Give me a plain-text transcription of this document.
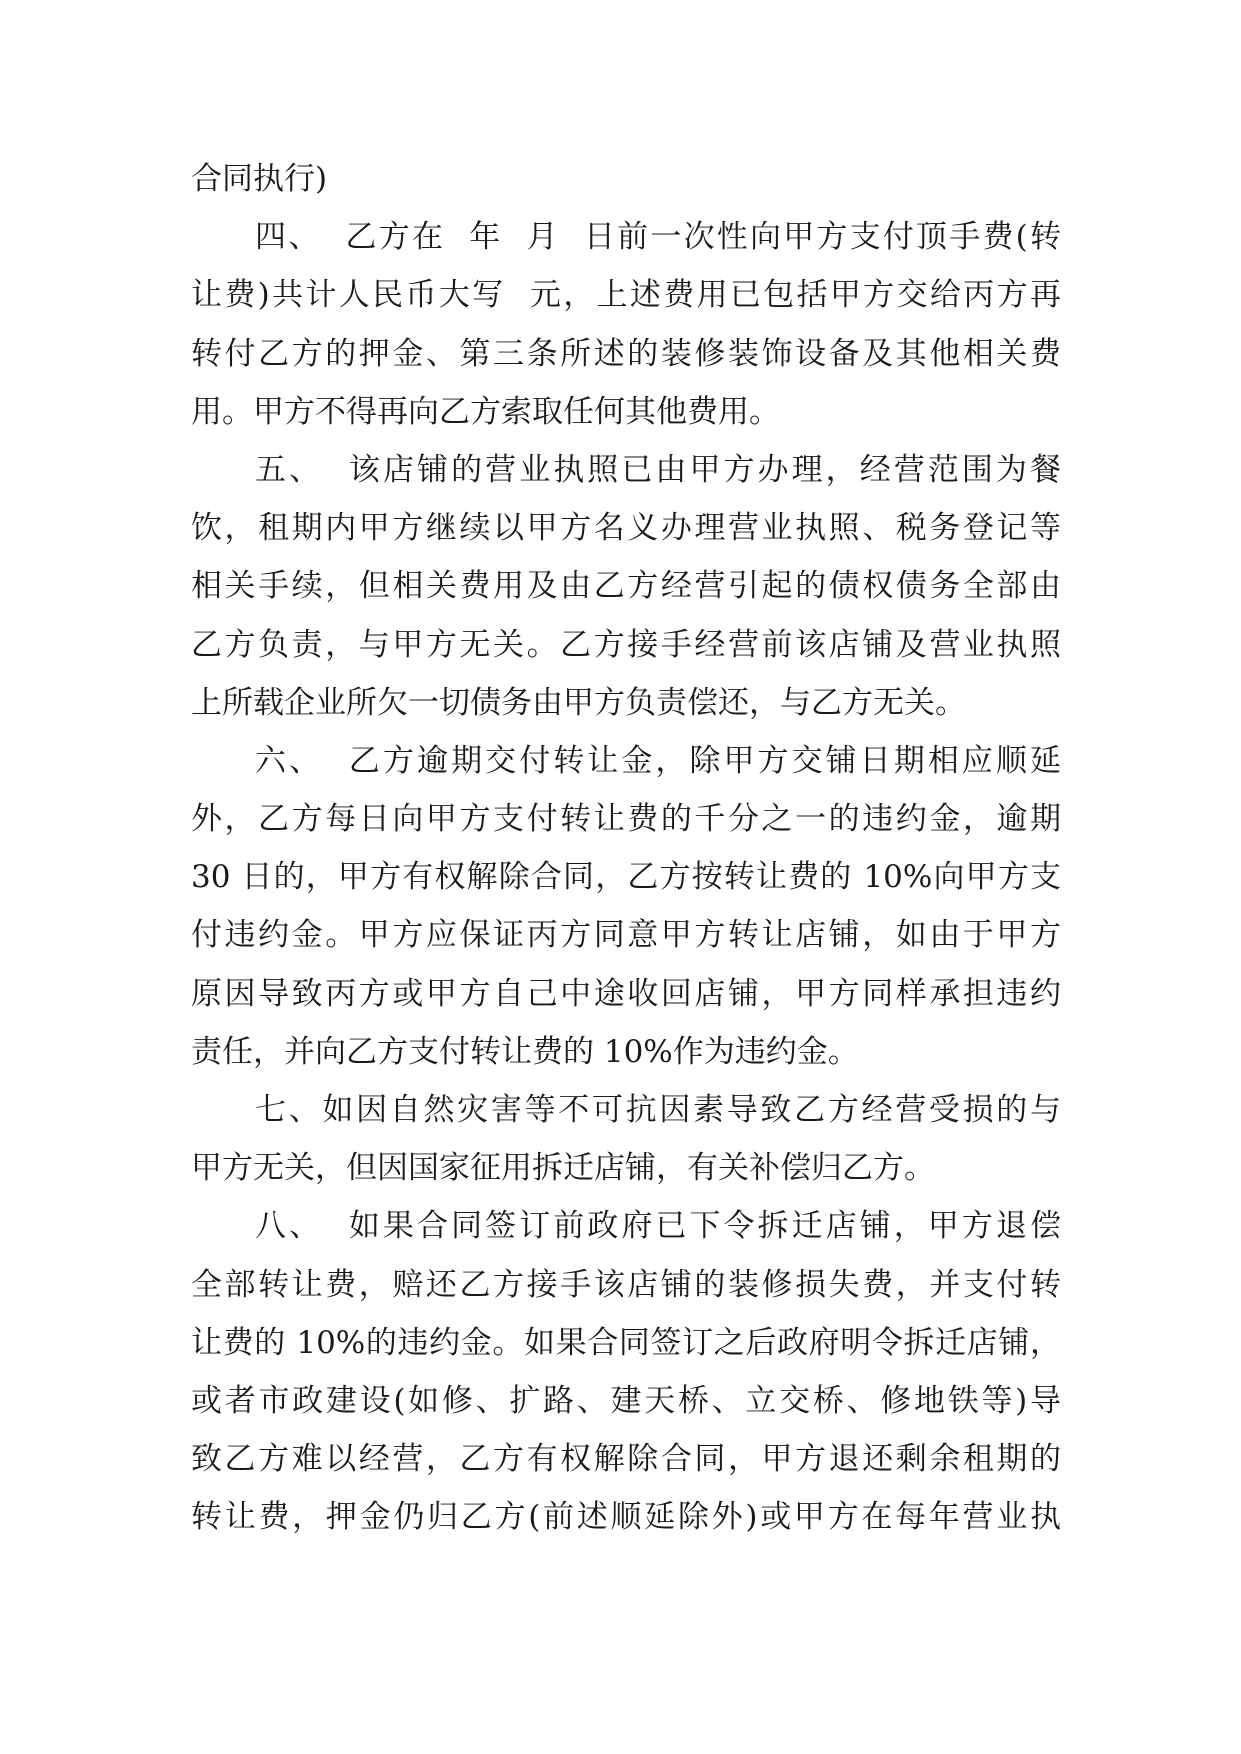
合同执行)
四、  乙方在  年  月  日前一次性向甲方支付顶手费(转
让费)共计人民币大写  元，上述费用已包括甲方交给丙方再
转付乙方的押金、第三条所述的装修装饰设备及其他相关费
用。甲方不得再向乙方索取任何其他费用。
五、  该店铺的营业执照已由甲方办理，经营范围为餐
饮，租期内甲方继续以甲方名义办理营业执照、税务登记等
相关手续，但相关费用及由乙方经营引起的债权债务全部由
乙方负责，与甲方无关。乙方接手经营前该店铺及营业执照
上所载企业所欠一切债务由甲方负责偿还，与乙方无关。
六、  乙方逾期交付转让金，除甲方交铺日期相应顺延
外，乙方每日向甲方支付转让费的千分之一的违约金，逾期
30 日的，甲方有权解除合同，乙方按转让费的 10%向甲方支
付违约金。甲方应保证丙方同意甲方转让店铺，如由于甲方
原因导致丙方或甲方自己中途收回店铺，甲方同样承担违约
责任，并向乙方支付转让费的 10%作为违约金。
七、如因自然灾害等不可抗因素导致乙方经营受损的与
甲方无关，但因国家征用拆迁店铺，有关补偿归乙方。
八、  如果合同签订前政府已下令拆迁店铺，甲方退偿
全部转让费，赔还乙方接手该店铺的装修损失费，并支付转
让费的 10%的违约金。如果合同签订之后政府明令拆迁店铺，
或者市政建设(如修、扩路、建天桥、立交桥、修地铁等)导
致乙方难以经营，乙方有权解除合同，甲方退还剩余租期的
转让费，押金仍归乙方(前述顺延除外)或甲方在每年营业执
